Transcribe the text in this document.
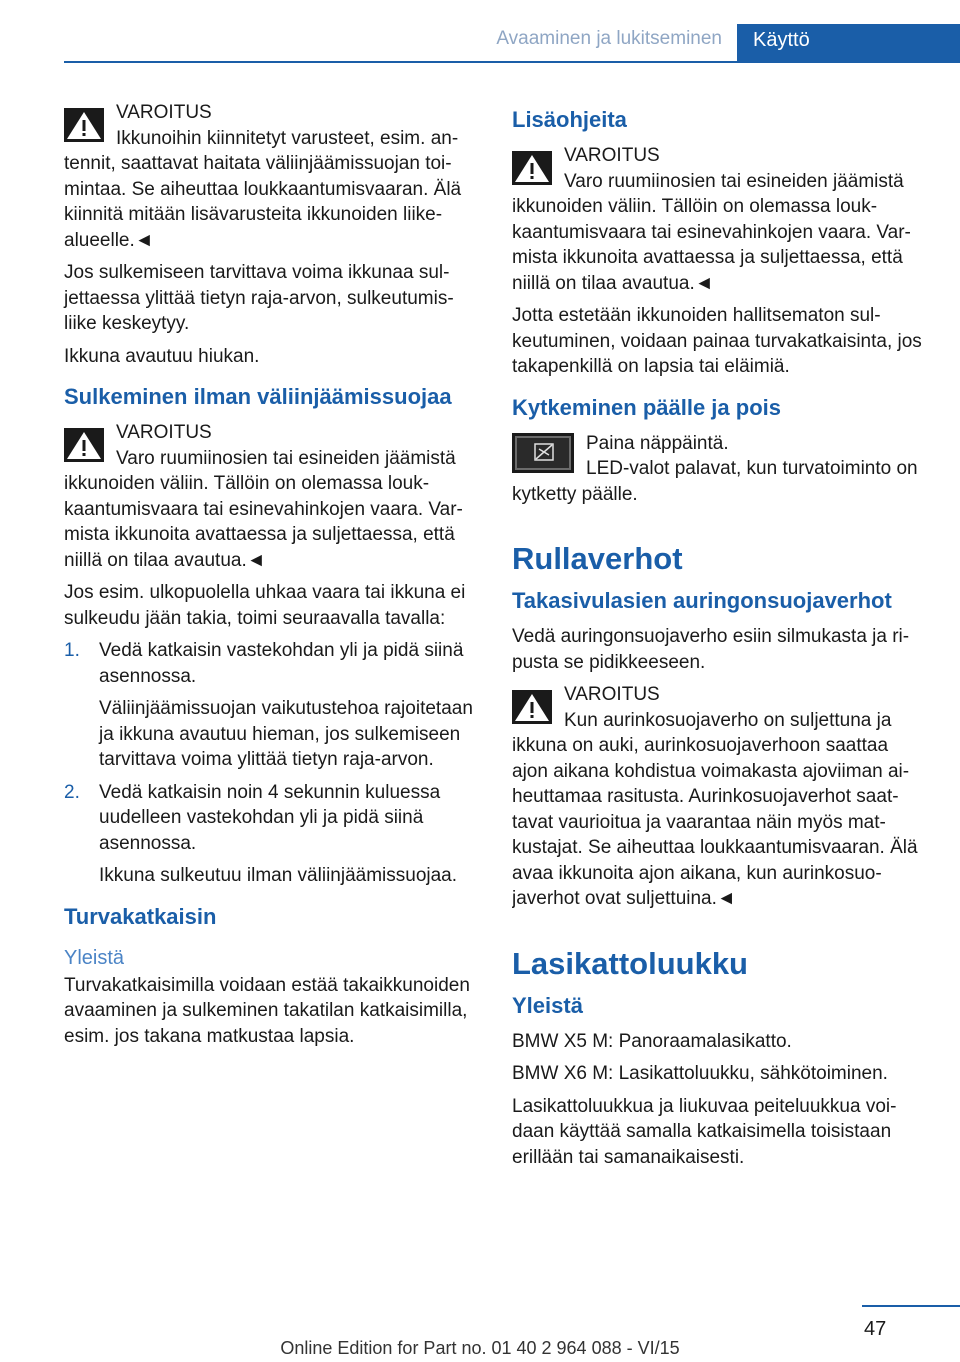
Avaaminen ja lukitseminen Käyttö
VAROITUS
Ikkunoihin kiinnitetyt varusteet, esim. antennit, saattavat haitata väliinjäämissuojan toimintaa. Se aiheuttaa loukkaantumisvaaran. Älä kiinnitä mitään lisävarusteita ikkunoiden liikealueelle.◄

Jos sulkemiseen tarvittava voima ikkunaa suljettaessa ylittää tietyn raja-arvon, sulkeutumisliike keskeytyy.

Ikkuna avautuu hiukan.

Sulkeminen ilman väliinjäämissuojaa
VAROITUS
Varo ruumiinosien tai esineiden jäämistä ikkunoiden väliin. Tällöin on olemassa loukkaantumisvaara tai esinevahinkojen vaara. Varmista ikkunoita avattaessa ja suljettaessa, että niillä on tilaa avautua.◄

Jos esim. ulkopuolella uhkaa vaara tai ikkuna ei sulkeudu jään takia, toimi seuraavalla tavalla:

1. Vedä katkaisin vastekohdan yli ja pidä siinä asennossa.
Väliinjäämissuojan vaikutustehoa rajoitetaan ja ikkuna avautuu hieman, jos sulkemiseen tarvittava voima ylittää tietyn raja-arvon.
2. Vedä katkaisin noin 4 sekunnin kuluessa uudelleen vastekohdan yli ja pidä siinä asennossa.
Ikkuna sulkeutuu ilman väliinjäämissuojaa.
Turvakatkaisin
Yleistä

Turvakatkaisimilla voidaan estää takaikkunoiden avaaminen ja sulkeminen takatilan katkaisimilla, esim. jos takana matkustaa lapsia.

Lisäohjeita
VAROITUS
Varo ruumiinosien tai esineiden jäämistä ikkunoiden väliin. Tällöin on olemassa loukkaantumisvaara tai esinevahinkojen vaara. Varmista ikkunoita avattaessa ja suljettaessa, että niillä on tilaa avautua.◄

Jotta estetään ikkunoiden hallitsematon sulkeutuminen, voidaan painaa turvakatkaisinta, jos takapenkillä on lapsia tai eläimiä.

Kytkeminen päälle ja pois
Paina näppäintä.
LED-valot palavat, kun turvatoiminto on kytketty päälle.
Rullaverhot
Takasivulasien auringonsuojaverhot

Vedä auringonsuojaverho esiin silmukasta ja ripusta se pidikkeeseen.

VAROITUS
Kun aurinkosuojaverho on suljettuna ja ikkuna on auki, aurinkosuojaverhoon saattaa ajon aikana kohdistua voimakasta ajoviiman aiheuttamaa rasitusta. Aurinkosuojaverhot saattavat vaurioitua ja vaarantaa näin myös matkustajat. Se aiheuttaa loukkaantumisvaaran. Älä avaa ikkunoita ajon aikana, kun aurinkosuojaverhot ovat suljettuina.◄
Lasikattoluukku
Yleistä

BMW X5 M: Panoraamalasikatto.

BMW X6 M: Lasikattoluukku, sähkötoiminen.

Lasikattoluukkua ja liukuvaa peiteluukkua voidaan käyttää samalla katkaisimella toisistaan erillään tai samanaikaisesti.

47
Online Edition for Part no. 01 40 2 964 088 - VI/15
